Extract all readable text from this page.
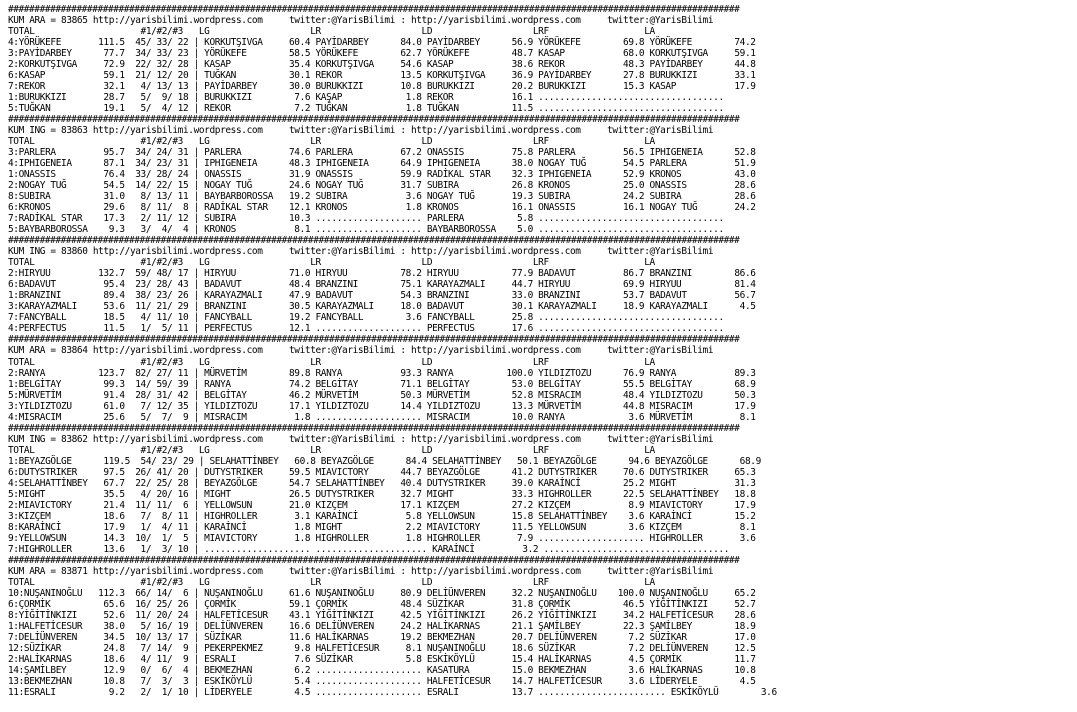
###########################################################################################################################################
KUM ARA = 83865 http://yarisbilimi.wordpress.com     twitter:@YarisBilimi : http://yarisbilimi.wordpress.com     twitter:@YarisBilimi
TOTAL                    #1/#2/#3   LG                   LR                   LD                   LRF                  LA
4:YÖRÜKEFE       111.5  45/ 33/ 22 | KORKUTŞIVGA     60.4 PAYİDARBEY      84.0 PAYİDARBEY      56.9 YÖRÜKEFE        69.8 YÖRÜKEFE        74.2
3:PAYİDARBEY      77.7  34/ 33/ 23 | YÖRÜKEFE        58.5 YÖRÜKEFE        62.7 YÖRÜKEFE        48.7 KASAP           68.0 KORKUTŞIVGA     59.1
2:KORKUTŞIVGA     72.9  22/ 32/ 28 | KASAP           35.4 KORKUTŞIVGA     54.6 KASAP           38.6 REKOR           48.3 PAYİDARBEY      44.8
6:KASAP           59.1  21/ 12/ 20 | TUĞKAN          30.1 REKOR           13.5 KORKUTŞIVGA     36.9 PAYİDARBEY      27.8 BURUKKIZI       33.1
7:REKOR           32.1   4/ 13/ 13 | PAYİDARBEY      30.0 BURUKKIZI       10.8 BURUKKIZI       20.2 BURUKKIZI       15.3 KASAP           17.9
1:BURUKKIZI       28.7   5/  9/ 18 | BURUKKIZI        7.6 KAŞAP            1.8 REKOR           16.1 ...................................
5:TUĞKAN          19.1   5/  4/ 12 | REKOR            7.2 TUĞKAN           1.8 TUĞKAN          11.5 ...................................
###########################################################################################################################################
KUM ING = 83863 http://yarisbilimi.wordpress.com     twitter:@YarisBilimi : http://yarisbilimi.wordpress.com     twitter:@YarisBilimi
TOTAL                    #1/#2/#3   LG                   LR                   LD                   LRF                  LA
3:PARLERA         95.7  34/ 24/ 31 | PARLERA         74.6 PARLERA         67.2 ONASSIS         75.8 PARLERA         56.5 IPHIGENEIA      52.8
4:IPHIGENEIA      87.1  34/ 23/ 31 | IPHIGENEIA      48.3 IPHIGENEIA      64.9 IPHIGENEIA      38.0 NOGAY TUĞ       54.5 PARLERA         51.9
1:ONASSIS         76.4  33/ 28/ 24 | ONASSIS         31.9 ONASSIS         59.9 RADİKAL STAR    32.3 IPHIGENEIA      52.9 KRONOS          43.0
2:NOGAY TUĞ       54.5  14/ 22/ 15 | NOGAY TUĞ       24.6 NOGAY TUĞ       31.7 SUBIRA          26.8 KRONOS          25.0 ONASSIS         28.6
8:SUBIRA          31.0   8/ 13/ 11 | BAYBARBOROSSA   19.2 SUBIRA           3.6 NOGAY TUĞ       19.3 SUBIRA          24.2 SUBIRA          28.6
6:KRONOS          29.6   8/ 11/  8 | RADİKAL STAR    12.1 KRONOS           1.8 KRONOS          16.1 ONASSIS         16.1 NOGAY TUĞ       24.2
7:RADİKAL STAR    17.3   2/ 11/ 12 | SUBIRA          10.3 .................... PARLERA          5.8 ...................................
5:BAYBARBOROSSA    9.3   3/  4/  4 | KRONOS           8.1 .................... BAYBARBOROSSA    5.0 ...................................
###########################################################################################################################################
KUM ING = 83860 http://yarisbilimi.wordpress.com     twitter:@YarisBilimi : http://yarisbilimi.wordpress.com     twitter:@YarisBilimi
TOTAL                    #1/#2/#3   LG                   LR                   LD                   LRF                  LA
2:HIRYUU         132.7  59/ 48/ 17 | HIRYUU          71.0 HIRYUU          78.2 HIRYUU          77.9 BADAVUT         86.7 BRANZINI        86.6
6:BADAVUT         95.4  23/ 28/ 43 | BADAVUT         48.4 BRANZINI        75.1 KARAYAZMALI     44.7 HIRYUU          69.9 HIRYUU          81.4
1:BRANZINI        89.4  38/ 23/ 26 | KARAYAZMALI     47.9 BADAVUT         54.3 BRANZINI        33.0 BRANZINI        53.7 BADAVUT         56.7
3:KARAYAZMALI     53.6  11/ 21/ 29 | BRANZINI        30.5 KARAYAZMALI     18.0 BADAVUT         30.1 KARAYAZMALI     18.9 KARAYAZMALI      4.5
7:FANCYBALL       18.5   4/ 11/ 10 | FANCYBALL       19.2 FANCYBALL        3.6 FANCYBALL       25.8 ...................................
4:PERFECTUS       11.5   1/  5/ 11 | PERFECTUS       12.1 .................... PERFECTUS       17.6 ...................................
###########################################################################################################################################
KUM ARA = 83864 http://yarisbilimi.wordpress.com     twitter:@YarisBilimi : http://yarisbilimi.wordpress.com     twitter:@YarisBilimi
TOTAL                    #1/#2/#3   LG                   LR                   LD                   LRF                  LA
2:RANYA          123.7  82/ 27/ 11 | MÜRVETİM        89.8 RANYA           93.3 RANYA          100.0 YILDIZTOZU      76.9 RANYA           89.3
1:BELGİTAY        99.3  14/ 59/ 39 | RANYA           74.2 BELGİTAY        71.1 BELGİTAY        53.0 BELGİTAY        55.5 BELGİTAY        68.9
5:MÜRVETİM        91.4  28/ 31/ 42 | BELGİTAY        46.2 MÜRVETİM        50.3 MÜRVETİM        52.8 MISRACIM        48.4 YILDIZTOZU      50.3
3:YILDIZTOZU      61.0   7/ 12/ 35 | YILDIZTOZU      17.1 YILDIZTOZU      14.4 YILDIZTOZU      13.3 MÜRVETİM        44.8 MISRACIM        17.9
4:MISRACIM        25.6   5/  7/  9 | MISRACIM         1.8 .................... MISRACIM        10.0 RANYA            3.6 MÜRVETİM         8.1
###########################################################################################################################################
KUM ING = 83862 http://yarisbilimi.wordpress.com     twitter:@YarisBilimi : http://yarisbilimi.wordpress.com     twitter:@YarisBilimi
TOTAL                    #1/#2/#3   LG                   LR                   LD                   LRF                  LA
1:BEYAZGÖLGE      119.5  54/ 23/ 29 | SELAHATTİNBEY   60.8 BEYAZGÖLGE      84.4 SELAHATTİNBEY   50.1 BEYAZGÖLGE      94.6 BEYAZGÖLGE      68.9
6:DUTYSTRIKER     97.5  26/ 41/ 20 | DUTYSTRIKER     59.5 MIAVICTORY      44.7 BEYAZGÖLGE      41.2 DUTYSTRIKER     70.6 DUTYSTRIKER     65.3
4:SELAHATTİNBEY   67.7  22/ 25/ 28 | BEYAZGÖLGE      54.7 SELAHATTİNBEY   40.4 DUTYSTRIKER     39.0 KARAİNCİ        25.2 MIGHT           31.3
5:MIGHT           35.5   4/ 20/ 16 | MIGHT           26.5 DUTYSTRIKER     32.7 MIGHT           33.3 HIGHROLLER      22.5 SELAHATTİNBEY   18.8
2:MIAVICTORY      21.4  11/ 11/  6 | YELLOWSUN       21.0 KIZÇEM          17.1 KIZÇEM          27.2 KIZÇEM           8.9 MIAVICTORY      17.9
3:KIZÇEM          18.6   7/  8/ 11 | HIGHROLLER       3.1 KARAİNCİ         5.8 YELLOWSUN       15.8 SELAHATTİNBEY    3.6 KARAİNCİ        15.2
8:KARAİNCİ        17.9   1/  4/ 11 | KARAİNCİ         1.8 MIGHT            2.2 MIAVICTORY      11.5 YELLOWSUN        3.6 KIZÇEM           8.1
9:YELLOWSUN       14.3  10/  1/  5 | MIAVICTORY       1.8 HIGHROLLER       1.8 HIGHROLLER       7.9 .................... HIGHROLLER       3.6
7:HIGHROLLER      13.6   1/  3/ 10 | .................... ..................... KARAİNCİ         3.2 ...................................
###########################################################################################################################################
KUM ARA = 83871 http://yarisbilimi.wordpress.com     twitter:@YarisBilimi : http://yarisbilimi.wordpress.com     twitter:@YarisBilimi
TOTAL                    #1/#2/#3   LG                   LR                   LD                   LRF                  LA
10:NUŞANINOĞLU   112.3  66/ 14/  6 | NUŞANINOĞLU     61.6 NUŞANINOĞLU     80.9 DELİÜNVEREN     32.2 NUŞANINOĞLU    100.0 NUŞANINOĞLU     65.2
6:ÇORMİK          65.6  16/ 25/ 26 | ÇORMİK          59.1 ÇORMİK          48.4 SÜZİKAR         31.8 ÇORMİK          46.5 YİĞİTİNKIZI     52.7
8:YİĞİTİNKIZI     52.6  11/ 20/ 24 | HALFETİCESUR    43.1 YİĞİTİNKIZI     42.5 YİĞİTİNKIZI     26.2 YİĞİTİNKIZI     34.2 HALFETİCESUR    28.6
1:HALFETİCESUR    38.0   5/ 16/ 19 | DELİÜNVEREN     16.6 DELİÜNVEREN     24.2 HALİKARNAS      21.1 ŞAMİLBEY        22.3 ŞAMİLBEY        18.9
7:DELİÜNVEREN     34.5  10/ 13/ 17 | SÜZİKAR         11.6 HALİKARNAS      19.2 BEKMEZHAN       20.7 DELİÜNVEREN      7.2 SÜZİKAR         17.0
12:SÜZİKAR        24.8   7/ 14/  9 | PEKERPEKMEZ      9.8 HALFETİCESUR     8.1 NUŞANINOĞLU     18.6 SÜZİKAR          7.2 DELİÜNVEREN     12.5
2:HALİKARNAS      18.6   4/ 11/  9 | ESRALI           7.6 SÜZİKAR          5.8 ESKİKÖYLÜ       15.4 HALİKARNAS       4.5 ÇORMİK          11.7
14:ŞAMİLBEY       12.9   0/  6/  4 | BEKMEZHAN        6.2 .................... KASATURA        15.0 BEKMEZHAN        3.6 HALİKARNAS      10.8
13:BEKMEZHAN      10.8   7/  3/  3 | ESKİKÖYLÜ        5.4 .................... HALFETİCESUR    14.7 HALFETİCESUR     3.6 LİDERYELE        4.5
11:ESRALI          9.2   2/  1/ 10 | LİDERYELE        4.5 .................... ESRALI          13.7 ........................ ESKİKÖYLÜ        3.6
